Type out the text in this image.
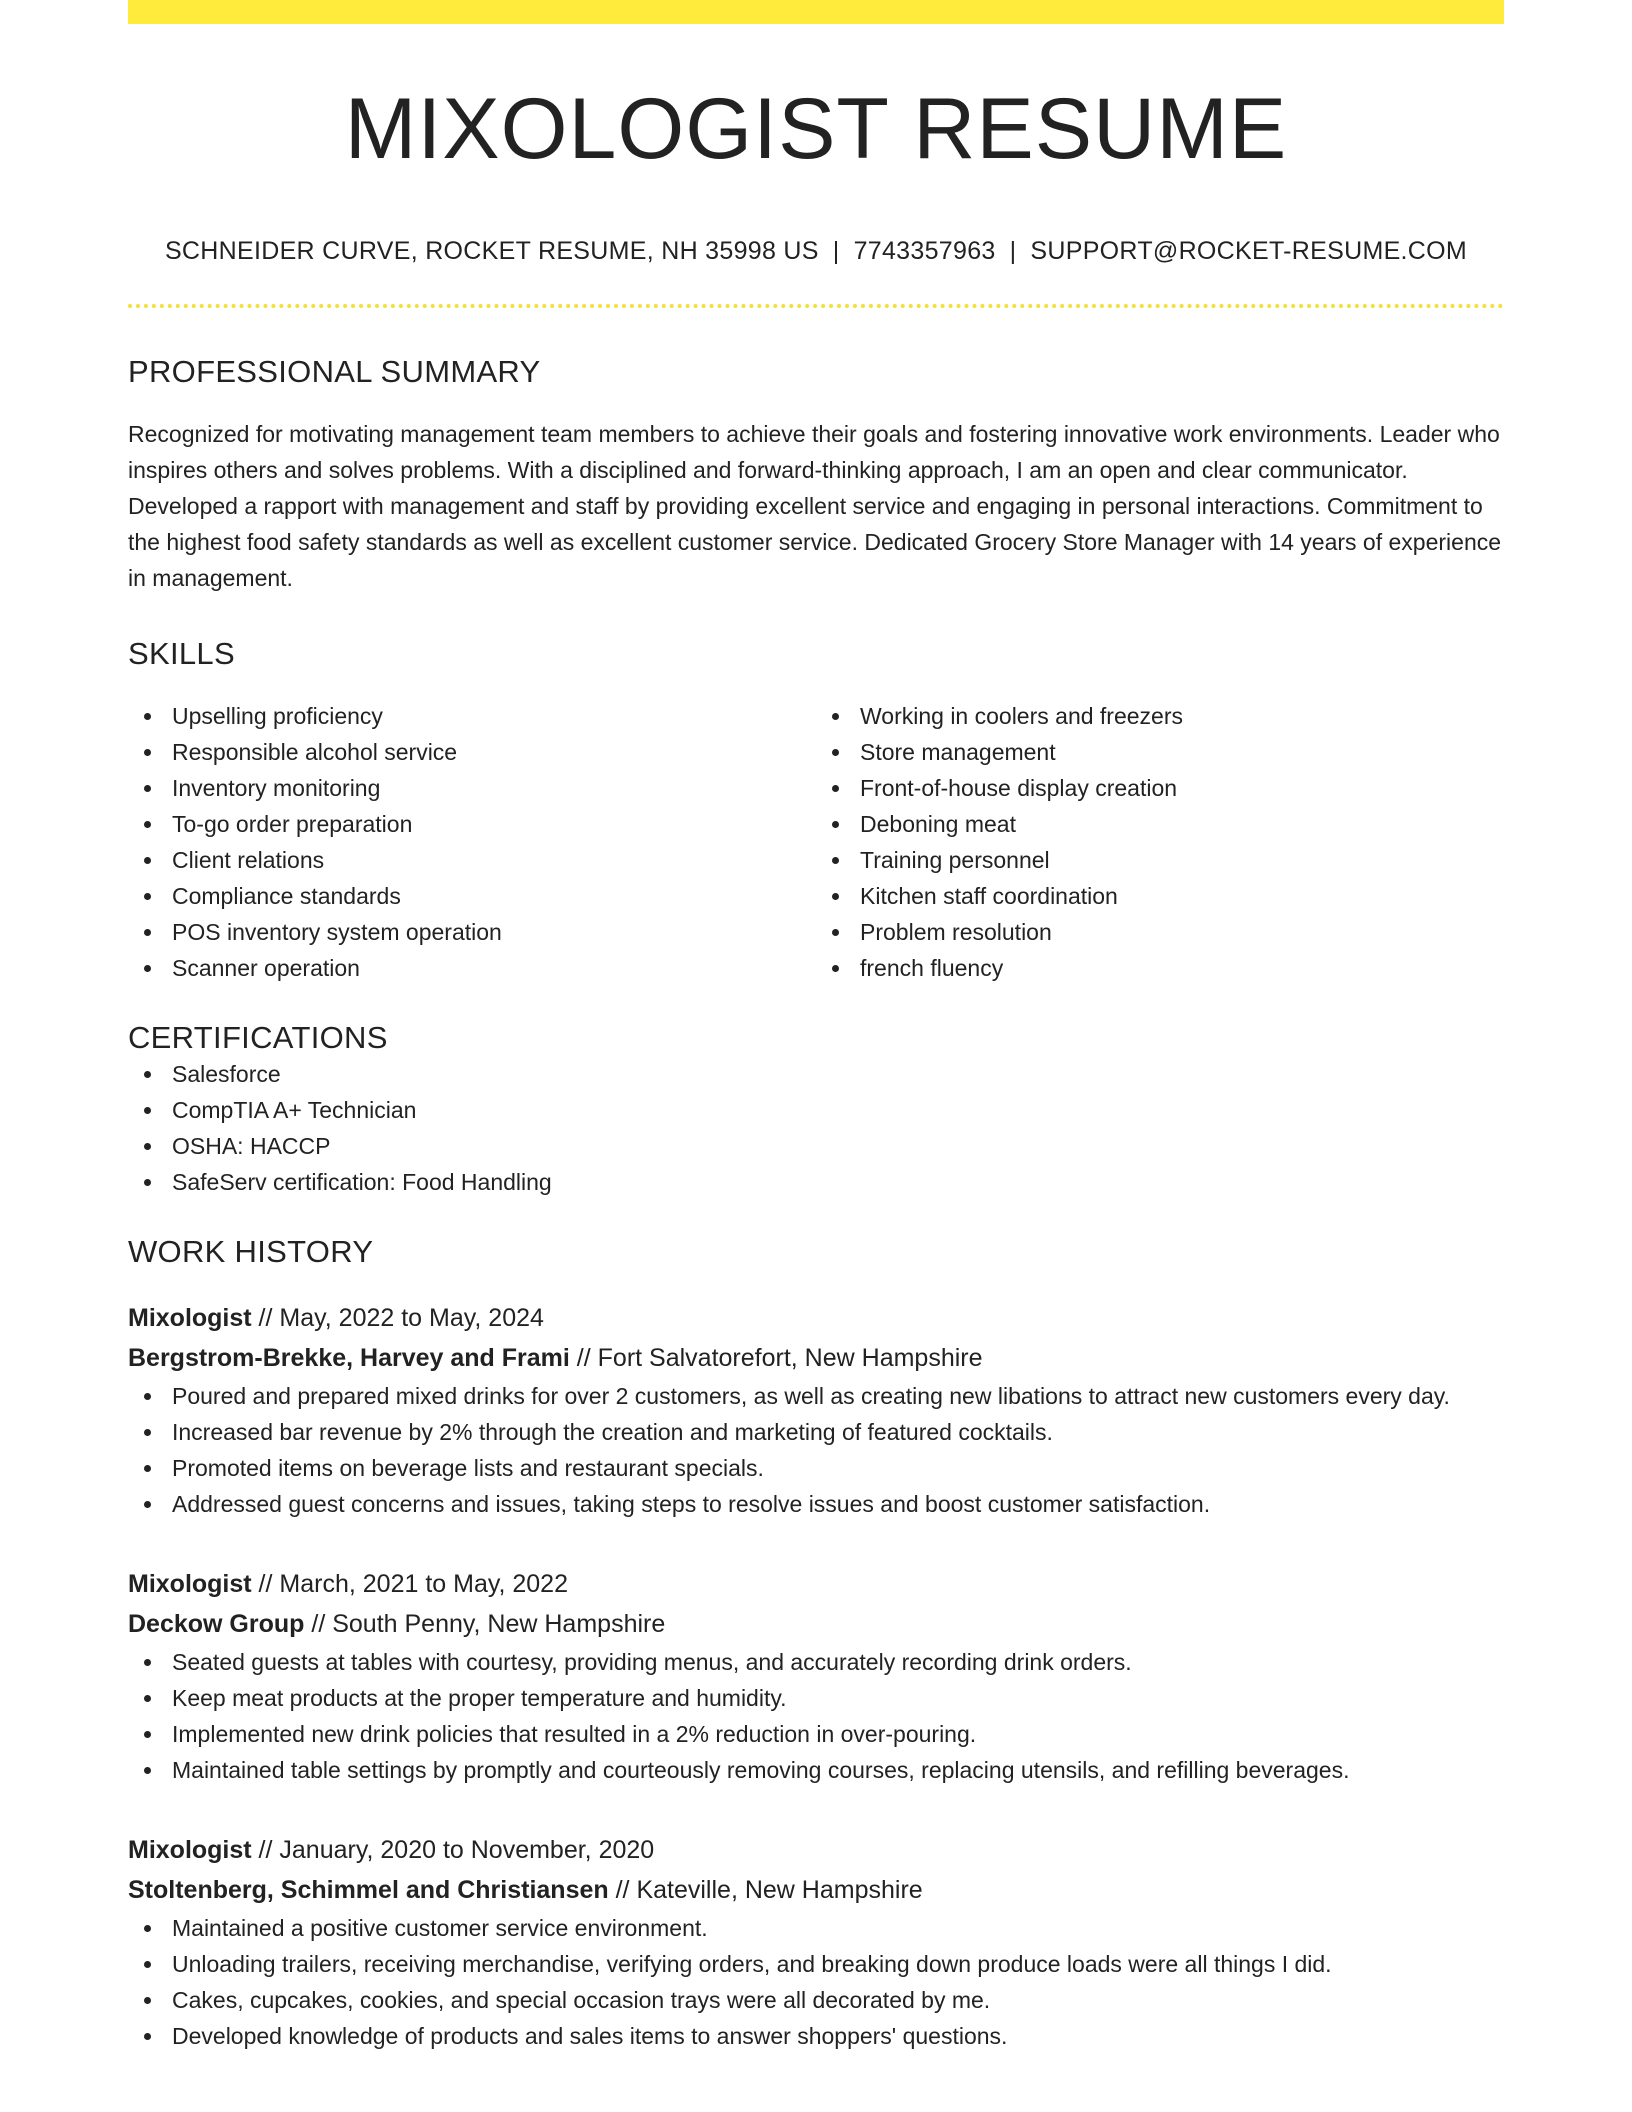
MIXOLOGIST RESUME
SCHNEIDER CURVE, ROCKET RESUME, NH 35998 US | 7743357963 | SUPPORT@ROCKET-RESUME.COM
PROFESSIONAL SUMMARY
Recognized for motivating management team members to achieve their goals and fostering innovative work environments. Leader who inspires others and solves problems. With a disciplined and forward-thinking approach, I am an open and clear communicator. Developed a rapport with management and staff by providing excellent service and engaging in personal interactions. Commitment to the highest food safety standards as well as excellent customer service. Dedicated Grocery Store Manager with 14 years of experience in management.
SKILLS
Upselling proficiency
Responsible alcohol service
Inventory monitoring
To-go order preparation
Client relations
Compliance standards
POS inventory system operation
Scanner operation
Working in coolers and freezers
Store management
Front-of-house display creation
Deboning meat
Training personnel
Kitchen staff coordination
Problem resolution
french fluency
CERTIFICATIONS
Salesforce
CompTIA A+ Technician
OSHA: HACCP
SafeServ certification: Food Handling
WORK HISTORY
Mixologist // May, 2022 to May, 2024
Bergstrom-Brekke, Harvey and Frami // Fort Salvatorefort, New Hampshire
Poured and prepared mixed drinks for over 2 customers, as well as creating new libations to attract new customers every day.
Increased bar revenue by 2% through the creation and marketing of featured cocktails.
Promoted items on beverage lists and restaurant specials.
Addressed guest concerns and issues, taking steps to resolve issues and boost customer satisfaction.
Mixologist // March, 2021 to May, 2022
Deckow Group // South Penny, New Hampshire
Seated guests at tables with courtesy, providing menus, and accurately recording drink orders.
Keep meat products at the proper temperature and humidity.
Implemented new drink policies that resulted in a 2% reduction in over-pouring.
Maintained table settings by promptly and courteously removing courses, replacing utensils, and refilling beverages.
Mixologist // January, 2020 to November, 2020
Stoltenberg, Schimmel and Christiansen // Kateville, New Hampshire
Maintained a positive customer service environment.
Unloading trailers, receiving merchandise, verifying orders, and breaking down produce loads were all things I did.
Cakes, cupcakes, cookies, and special occasion trays were all decorated by me.
Developed knowledge of products and sales items to answer shoppers' questions.
